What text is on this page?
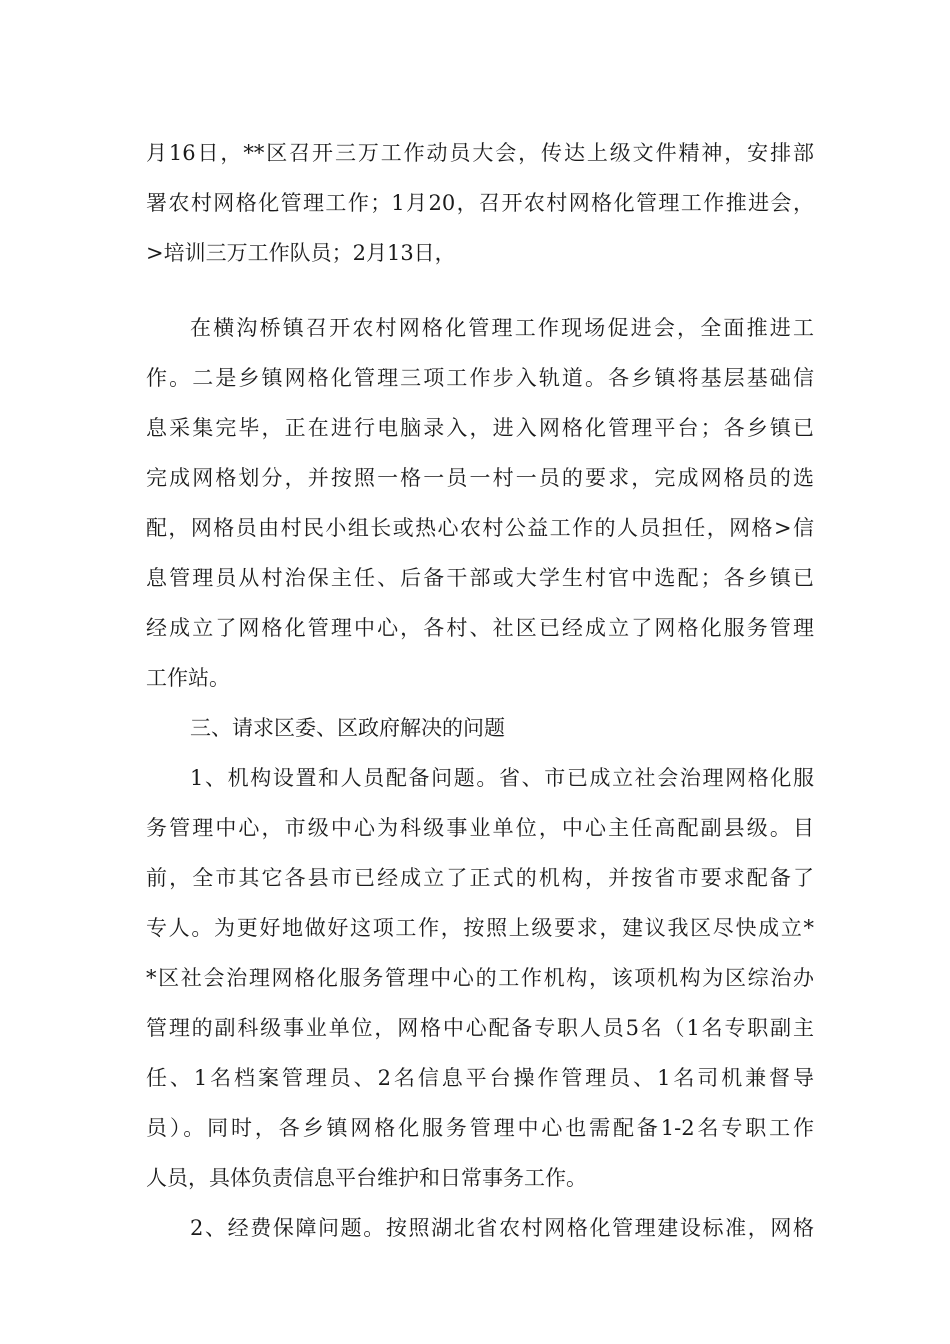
月16日，**区召开三万工作动员大会，传达上级文件精神，安排部
署农村网格化管理工作；1月20，召开农村网格化管理工作推进会，
>培训三万工作队员；2月13日，
在横沟桥镇召开农村网格化管理工作现场促进会，全面推进工
作。二是乡镇网格化管理三项工作步入轨道。各乡镇将基层基础信
息采集完毕，正在进行电脑录入，进入网格化管理平台；各乡镇已
完成网格划分，并按照一格一员一村一员的要求，完成网格员的选
配，网格员由村民小组长或热心农村公益工作的人员担任，网格>信
息管理员从村治保主任、后备干部或大学生村官中选配；各乡镇已
经成立了网格化管理中心，各村、社区已经成立了网格化服务管理
工作站。
三、请求区委、区政府解决的问题
1、机构设置和人员配备问题。省、市已成立社会治理网格化服
务管理中心，市级中心为科级事业单位，中心主任高配副县级。目
前，全市其它各县市已经成立了正式的机构，并按省市要求配备了
专人。为更好地做好这项工作，按照上级要求，建议我区尽快成立*
*区社会治理网格化服务管理中心的工作机构，该项机构为区综治办
管理的副科级事业单位，网格中心配备专职人员5名（1名专职副主
任、1名档案管理员、2名信息平台操作管理员、1名司机兼督导
员）。同时，各乡镇网格化服务管理中心也需配备1-2名专职工作
人员，具体负责信息平台维护和日常事务工作。
2、经费保障问题。按照湖北省农村网格化管理建设标准，网格
